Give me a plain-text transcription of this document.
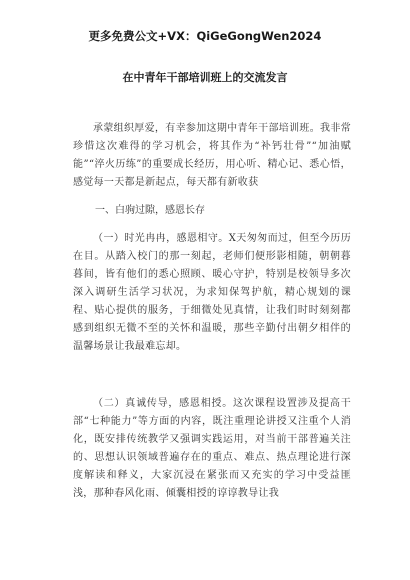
更多免费公文+VX：QiGeGongWen2024
在中青年干部培训班上的交流发言
承蒙组织厚爱，有幸参加这期中青年干部培训班。我非常珍惜这次难得的学习机会，将其作为“补钙壮骨”“加油赋能”“淬火历练”的重要成长经历，用心听、精心记、悉心悟，感觉每一天都是新起点，每天都有新收获
一、白驹过隙，感恩长存
（一）时光冉冉，感恩相守。X天匆匆而过，但至今历历在目。从踏入校门的那一刻起，老师们便形影相随，朝朝暮暮间，皆有他们的悉心照顾、暖心守护，特别是校领导多次深入调研生活学习状况，为求知保驾护航，精心规划的课程、贴心提供的服务，于细微处见真情，让我们时时刻刻都感到组织无微不至的关怀和温暖，那些辛勤付出朝夕相伴的温馨场景让我最难忘却。
（二）真诚传导，感恩相授。这次课程设置涉及提高干部“七种能力”等方面的内容，既注重理论讲授又注重个人消化，既安排传统教学又强调实践运用，对当前干部普遍关注的、思想认识领域普遍存在的重点、难点、热点理论进行深度解读和释义，大家沉浸在紧张而又充实的学习中受益匪浅，那种春风化雨、倾囊相授的谆谆教导让我
